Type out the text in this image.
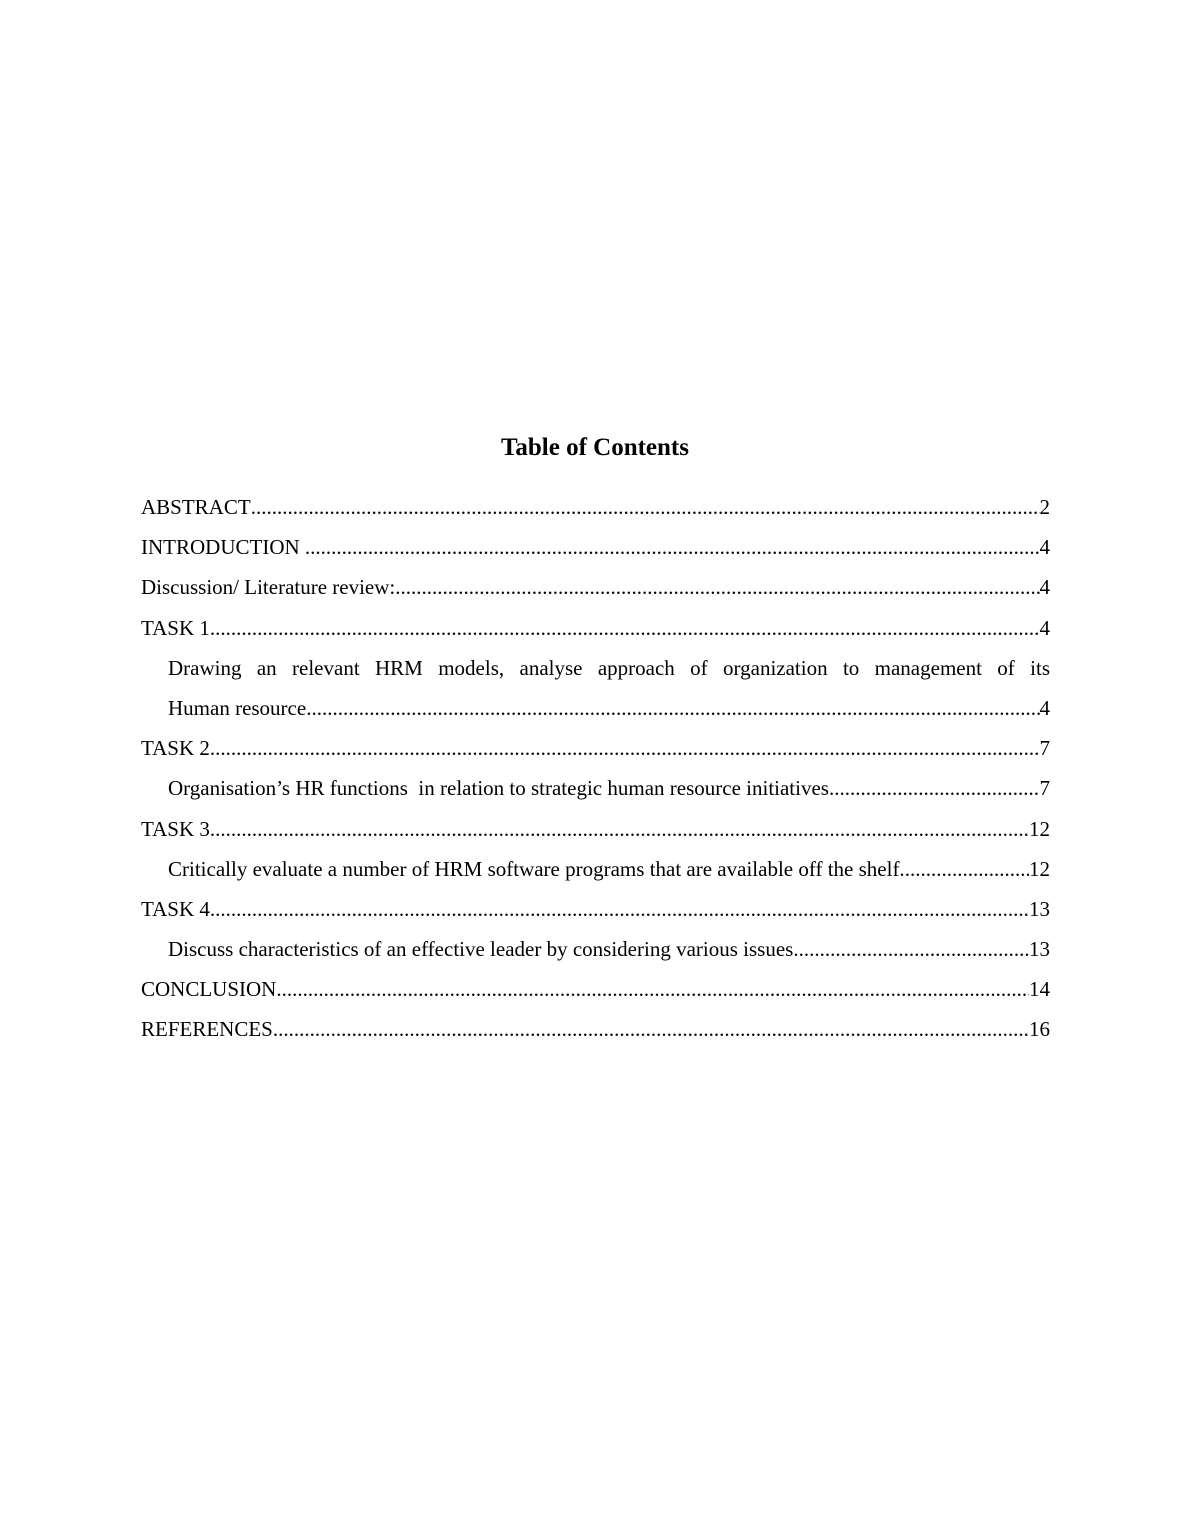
Table of Contents
ABSTRACT .....	2
INTRODUCTION .....	4
Discussion/ Literature review: .....	4
TASK 1 .....	4
Drawing an relevant HRM models, analyse approach of organization to management of its
Human resource .....	4
TASK 2 .....	7
Organisation’s HR functions  in relation to strategic human resource initiatives .....	7
TASK 3 .....	12
Critically evaluate a number of HRM software programs that are available off the shelf. .....	12
TASK 4 .....	13
Discuss characteristics of an effective leader by considering various issues .....	13
CONCLUSION .....	14
REFERENCES .....	16
